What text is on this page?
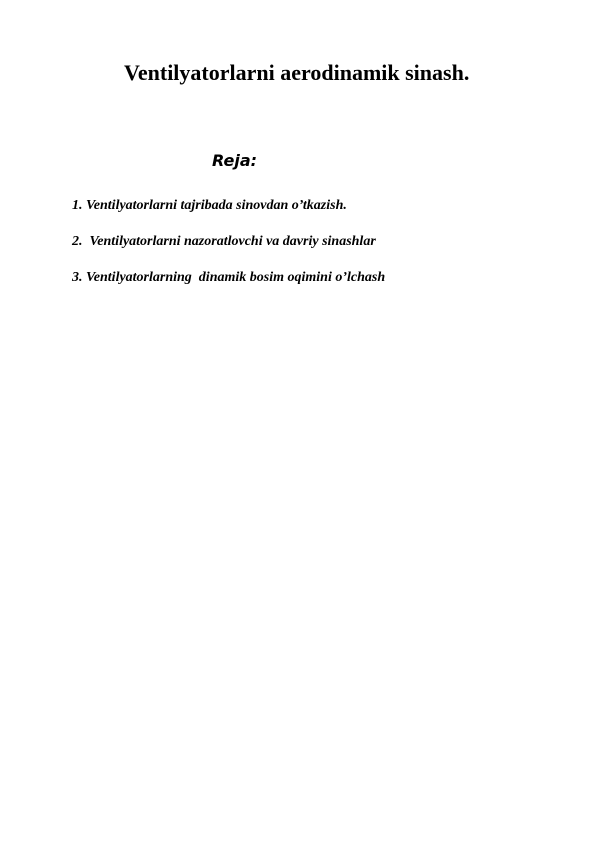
Ventilyatorlarni aerodinamik sinash.
Reja:
1. Ventilyatorlarni tajribada sinovdan o’tkazish.
2.  Ventilyatorlarni nazoratlovchi va davriy sinashlar
3. Ventilyatorlarning  dinamik bosim oqimini o’lchash
